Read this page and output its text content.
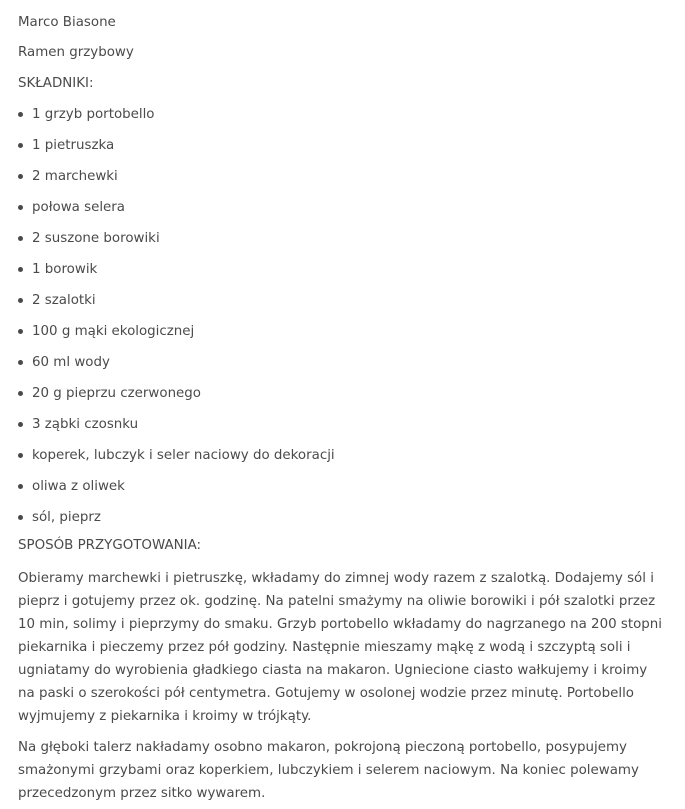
Marco Biasone
Ramen grzybowy
SKŁADNIKI:
1 grzyb portobello
1 pietruszka
2 marchewki
połowa selera
2 suszone borowiki
1 borowik
2 szalotki
100 g mąki ekologicznej
60 ml wody
20 g pieprzu czerwonego
3 ząbki czosnku
koperek, lubczyk i seler naciowy do dekoracji
oliwa z oliwek
sól, pieprz
SPOSÓB PRZYGOTOWANIA:

Obieramy marchewki i pietruszkę, wkładamy do zimnej wody razem z szalotką. Dodajemy sól i pieprz i gotujemy przez ok. godzinę. Na patelni smażymy na oliwie borowiki i pół szalotki przez 10 min, solimy i pieprzymy do smaku. Grzyb portobello wkładamy do nagrzanego na 200 stopni piekarnika i pieczemy przez pół godziny. Następnie mieszamy mąkę z wodą i szczyptą soli i ugniatamy do wyrobienia gładkiego ciasta na makaron. Ugniecione ciasto wałkujemy i kroimy na paski o szerokości pół centymetra. Gotujemy w osolonej wodzie przez minutę. Portobello wyjmujemy z piekarnika i kroimy w trójkąty.

Na głęboki talerz nakładamy osobno makaron, pokrojoną pieczoną portobello, posypujemy smażonymi grzybami oraz koperkiem, lubczykiem i selerem naciowym. Na koniec polewamy przecedzonym przez sitko wywarem.
